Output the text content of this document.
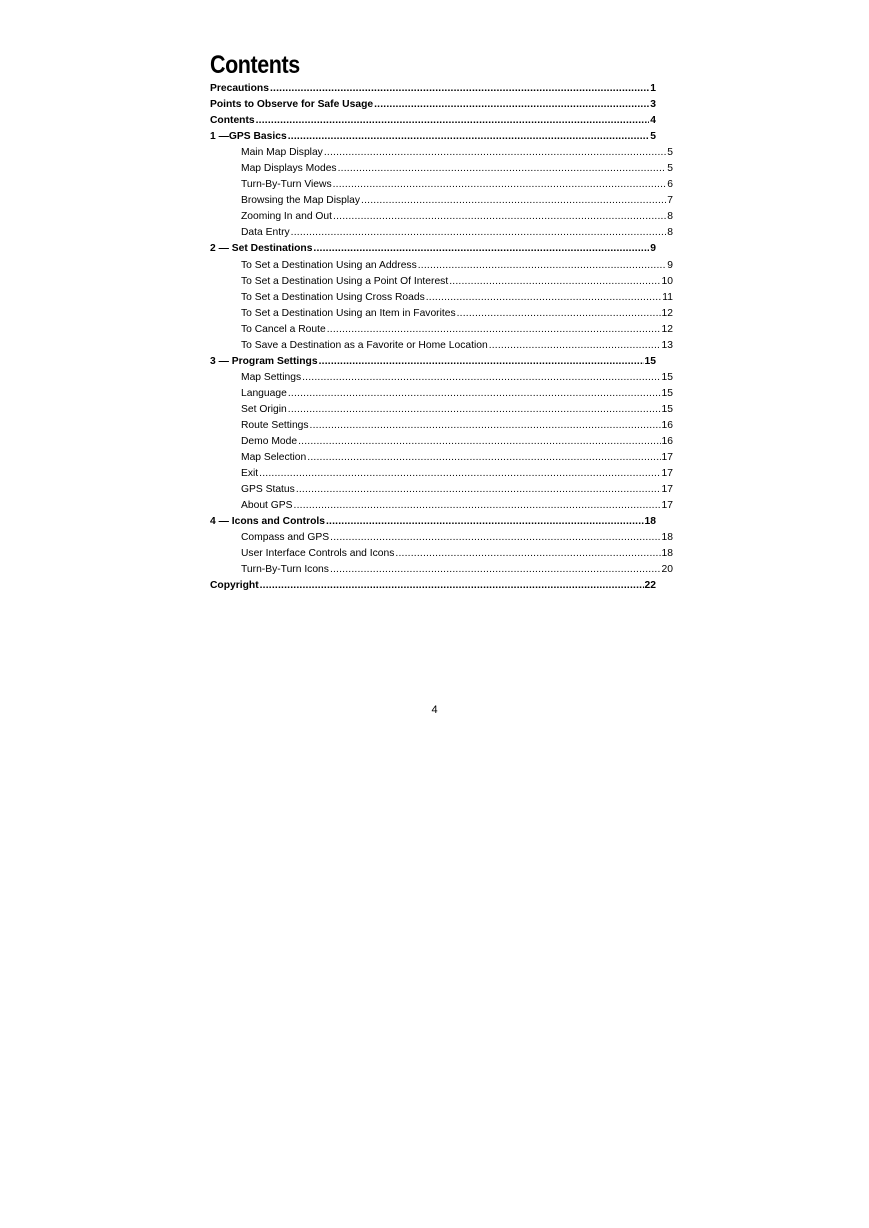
Contents
Precautions .....	1
Points to Observe for Safe Usage .....	3
Contents .....	4
1 —GPS Basics .....	5
Main Map Display .....	5
Map Displays Modes .....	5
Turn-By-Turn Views .....	6
Browsing the Map Display .....	7
Zooming In and Out .....	8
Data Entry .....	8
2 — Set Destinations .....	9
To Set a Destination Using an Address .....	9
To Set a Destination Using a Point Of Interest .....	10
To Set a Destination Using Cross Roads .....	11
To Set a Destination Using an Item in Favorites .....	12
To Cancel a Route .....	12
To Save a Destination as a Favorite or Home Location .....	13
3 — Program Settings .....	15
Map Settings .....	15
Language .....	15
Set Origin .....	15
Route Settings .....	16
Demo Mode .....	16
Map Selection .....	17
Exit .....	17
GPS Status .....	17
About GPS .....	17
4 — Icons and Controls .....	18
Compass and GPS .....	18
User Interface Controls and Icons .....	18
Turn-By-Turn Icons .....	20
Copyright .....	22
4
